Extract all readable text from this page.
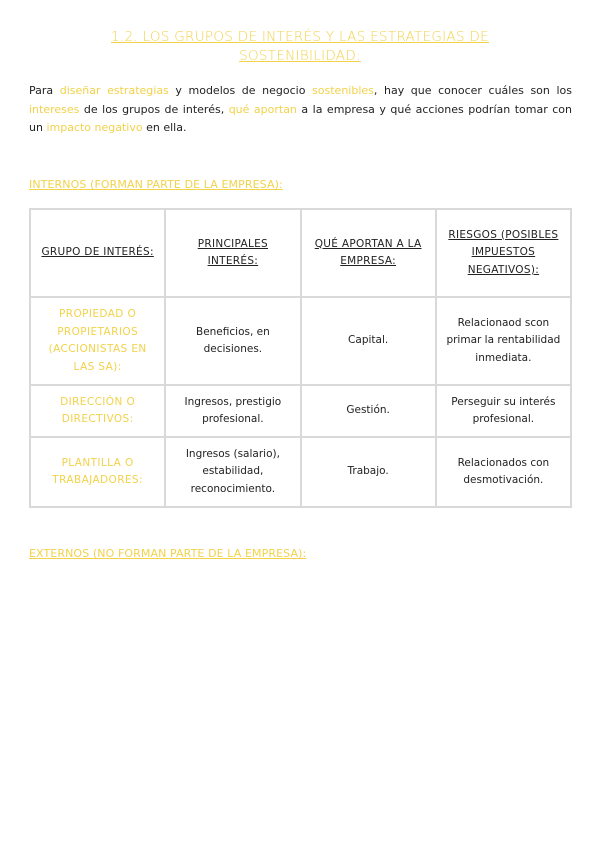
1.2. LOS GRUPOS DE INTERÉS Y LAS ESTRATEGIAS DE SOSTENIBILIDAD:

Para diseñar estrategias y modelos de negocio sostenibles, hay que conocer cuáles son los intereses de los grupos de interés, qué aportan a la empresa y qué acciones podrían tomar con un impacto negativo en ella.

INTERNOS (FORMAN PARTE DE LA EMPRESA):
GRUPO DE INTERÉS:	PRINCIPALES INTERÉS:	QUÉ APORTAN A LA EMPRESA:	RIESGOS (POSIBLES IMPUESTOS NEGATIVOS):
PROPIEDAD O PROPIETARIOS (ACCIONISTAS EN LAS SA):	Beneficios, en decisiones.	Capital.	Relacionaod scon primar la rentabilidad inmediata.
DIRECCIÓN O DIRECTIVOS:	Ingresos, prestigio profesional.	Gestión.	Perseguir su interés profesional.
PLANTILLA O TRABAJADORES:	Ingresos (salario), estabilidad, reconocimiento.	Trabajo.	Relacionados con desmotivación.
EXTERNOS (NO FORMAN PARTE DE LA EMPRESA):
